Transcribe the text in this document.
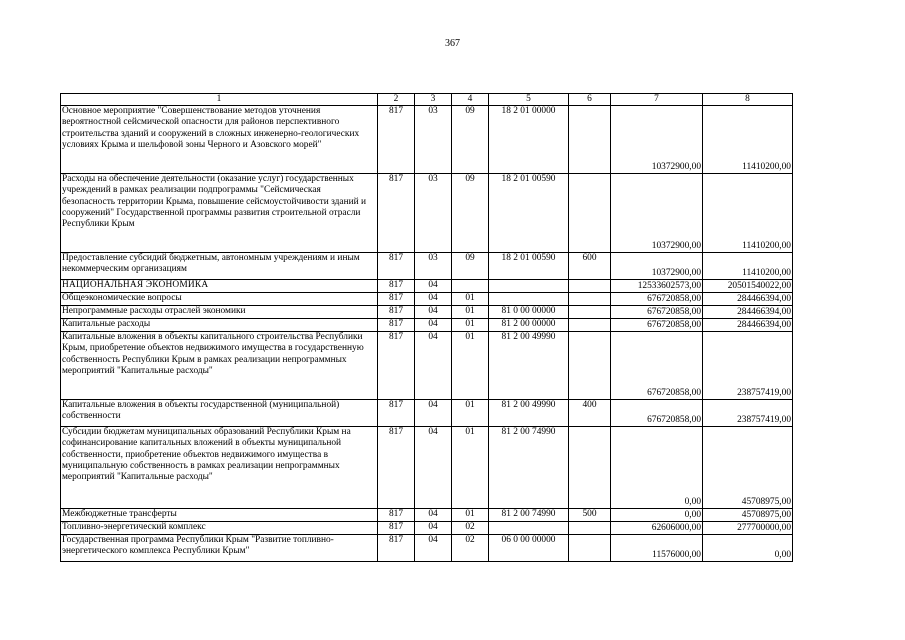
367
1	2	3	4	5	6	7	8
Основное мероприятие "Совершенствование методов уточнения вероятностной сейсмической опасности для районов перспективного строительства зданий и сооружений в сложных инженерно-геологических условиях Крыма и шельфовой зоны Черного и Азовского морей"	817	03	09	18 2 01 00000		10372900,00	11410200,00
Расходы на обеспечение деятельности (оказание услуг) государственных учреждений в рамках реализации подпрограммы "Сейсмическая безопасность территории Крыма, повышение сейсмоустойчивости зданий и сооружений" Государственной программы развития строительной отрасли Республики Крым	817	03	09	18 2 01 00590		10372900,00	11410200,00
Предоставление субсидий бюджетным, автономным учреждениям и иным некоммерческим организациям	817	03	09	18 2 01 00590	600	10372900,00	11410200,00
НАЦИОНАЛЬНАЯ ЭКОНОМИКА	817	04				12533602573,00	20501540022,00
Общеэкономические вопросы	817	04	01			676720858,00	284466394,00
Непрограммные расходы отраслей экономики	817	04	01	81 0 00 00000		676720858,00	284466394,00
Капитальные расходы	817	04	01	81 2 00 00000		676720858,00	284466394,00
Капитальные вложения в объекты капитального строительства Республики Крым, приобретение объектов недвижимого имущества в государственную собственность Республики Крым в рамках реализации непрограммных мероприятий "Капитальные расходы"	817	04	01	81 2 00 49990		676720858,00	238757419,00
Капитальные вложения в объекты государственной (муниципальной) собственности	817	04	01	81 2 00 49990	400	676720858,00	238757419,00
Субсидии бюджетам муниципальных образований Республики Крым на софинансирование капитальных вложений в объекты муниципальной собственности, приобретение объектов недвижимого имущества в муниципальную собственность в рамках реализации непрограммных мероприятий "Капитальные расходы"	817	04	01	81 2 00 74990		0,00	45708975,00
Межбюджетные трансферты	817	04	01	81 2 00 74990	500	0,00	45708975,00
Топливно-энергетический комплекс	817	04	02			62606000,00	277700000,00
Государственная программа Республики Крым "Развитие топливно-энергетического комплекса Республики Крым"	817	04	02	06 0 00 00000		11576000,00	0,00
